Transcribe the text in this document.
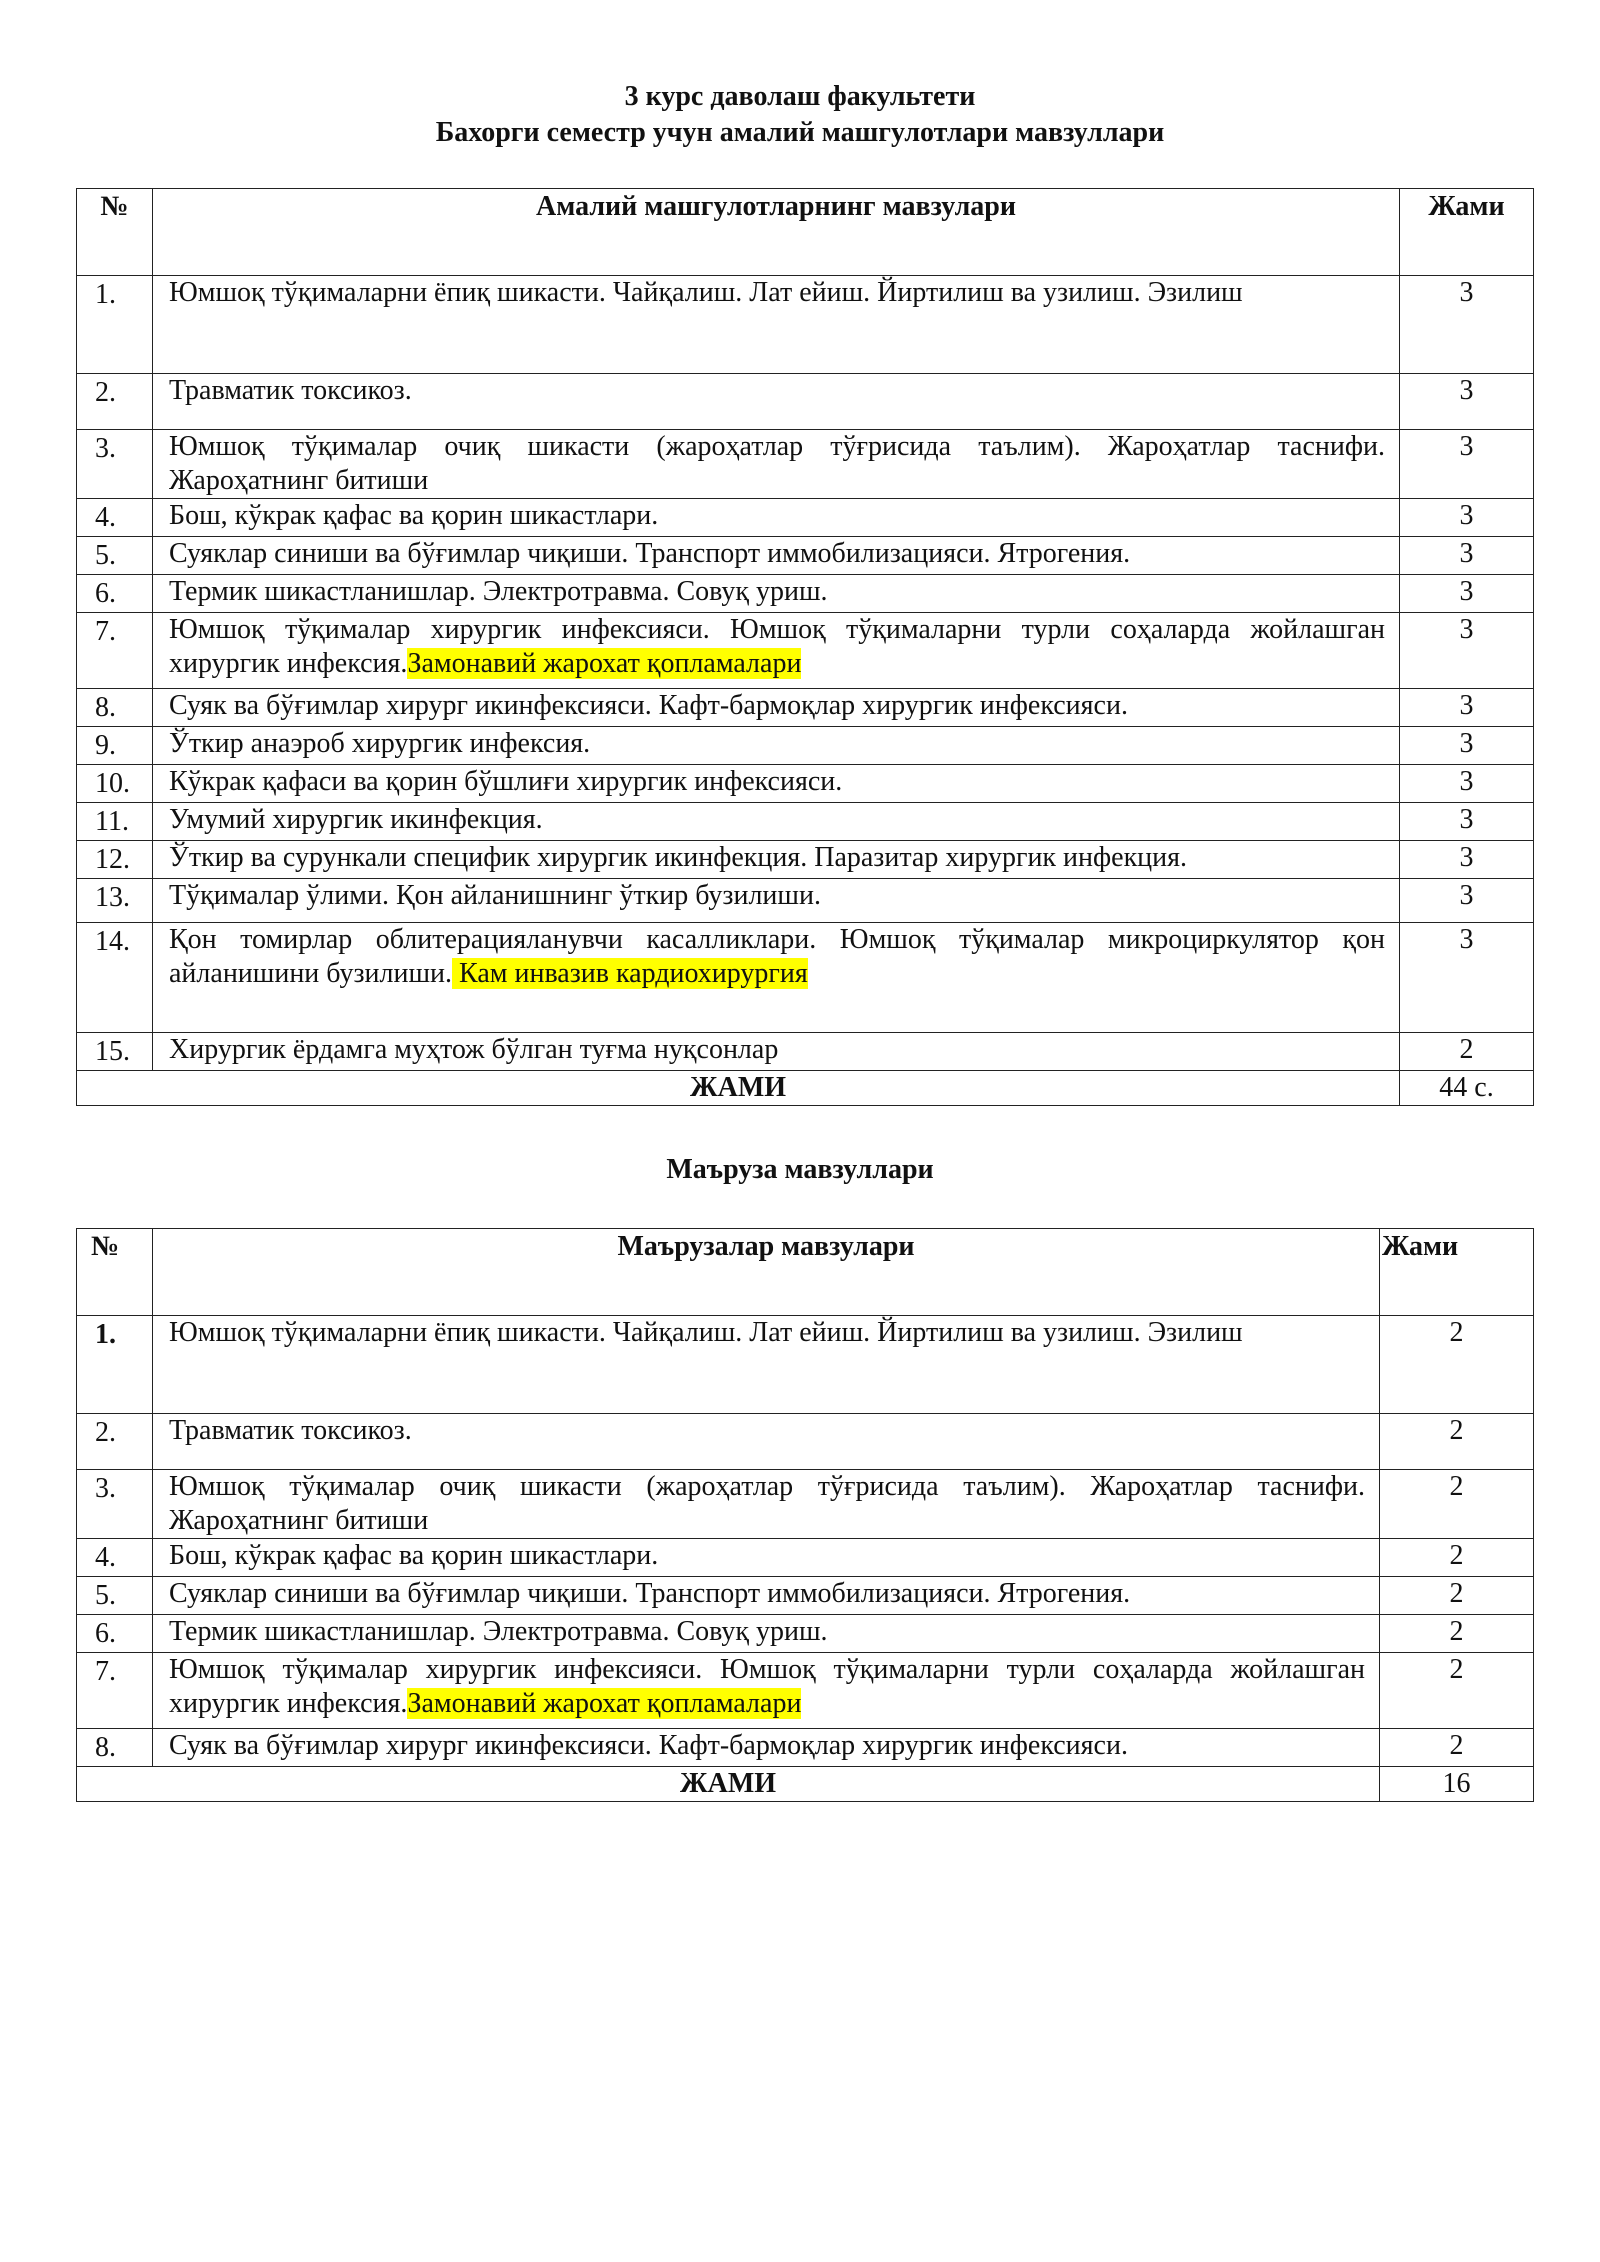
3 курс даволаш факультети
Бахорги семестр учун амалий машгулотлари мавзуллари
№	Амалий машгулотларнинг мавзулари	Жами
1.	Юмшоқ тўқималарни ёпиқ шикасти. Чайқалиш. Лат ейиш. Йиртилиш ва узилиш. Эзилиш	3
2.	Травматик токсикоз.	3
3.	Юмшоқ тўқималар очиқ шикасти (жароҳатлар тўғрисида таълим). Жароҳатлар таснифи. Жароҳатнинг битиши	3
4.	Бош, кўкрак қафас ва қорин шикастлари.	3
5.	Суяклар синиши ва бўғимлар чиқиши. Транспорт иммобилизацияси. Ятрогения.	3
6.	Термик шикастланишлар. Электротравма. Совуқ уриш.	3
7.	Юмшоқ тўқималар хирургик инфексияси. Юмшоқ тўқималарни турли соҳаларда жойлашган хирургик инфексия.Замонавий жарохат қопламалари	3
8.	Суяк ва бўғимлар хирург икинфексияси. Кафт-бармоқлар хирургик инфексияси.	3
9.	Ўткир анаэроб хирургик инфексия.	3
10.	Кўкрак қафаси ва қорин бўшлиғи хирургик инфексияси.	3
11.	Умумий хирургик икинфекция.	3
12.	Ўткир ва сурункали специфик хирургик икинфекция. Паразитар хирургик инфекция.	3
13.	Тўқималар ўлими. Қон айланишнинг ўткир бузилиши.	3
14.	Қон томирлар облитерацияланувчи касалликлари. Юмшоқ тўқималар микроциркулятор қон айланишини бузилиши. Кам инвазив кардиохирургия	3
15.	Хирургик ёрдамга муҳтож бўлган туғма нуқсонлар	2
ЖАМИ		44 с.
Маъруза мавзуллари
№	Маърузалар мавзулари	Жами
1.	Юмшоқ тўқималарни ёпиқ шикасти. Чайқалиш. Лат ейиш. Йиртилиш ва узилиш. Эзилиш	2
2.	Травматик токсикоз.	2
3.	Юмшоқ тўқималар очиқ шикасти (жароҳатлар тўғрисида таълим). Жароҳатлар таснифи. Жароҳатнинг битиши	2
4.	Бош, кўкрак қафас ва қорин шикастлари.	2
5.	Суяклар синиши ва бўғимлар чиқиши. Транспорт иммобилизацияси. Ятрогения.	2
6.	Термик шикастланишлар. Электротравма. Совуқ уриш.	2
7.	Юмшоқ тўқималар хирургик инфексияси. Юмшоқ тўқималарни турли соҳаларда жойлашган хирургик инфексия.Замонавий жарохат қопламалари	2
8.	Суяк ва бўғимлар хирург икинфексияси. Кафт-бармоқлар хирургик инфексияси.	2
ЖАМИ		16
